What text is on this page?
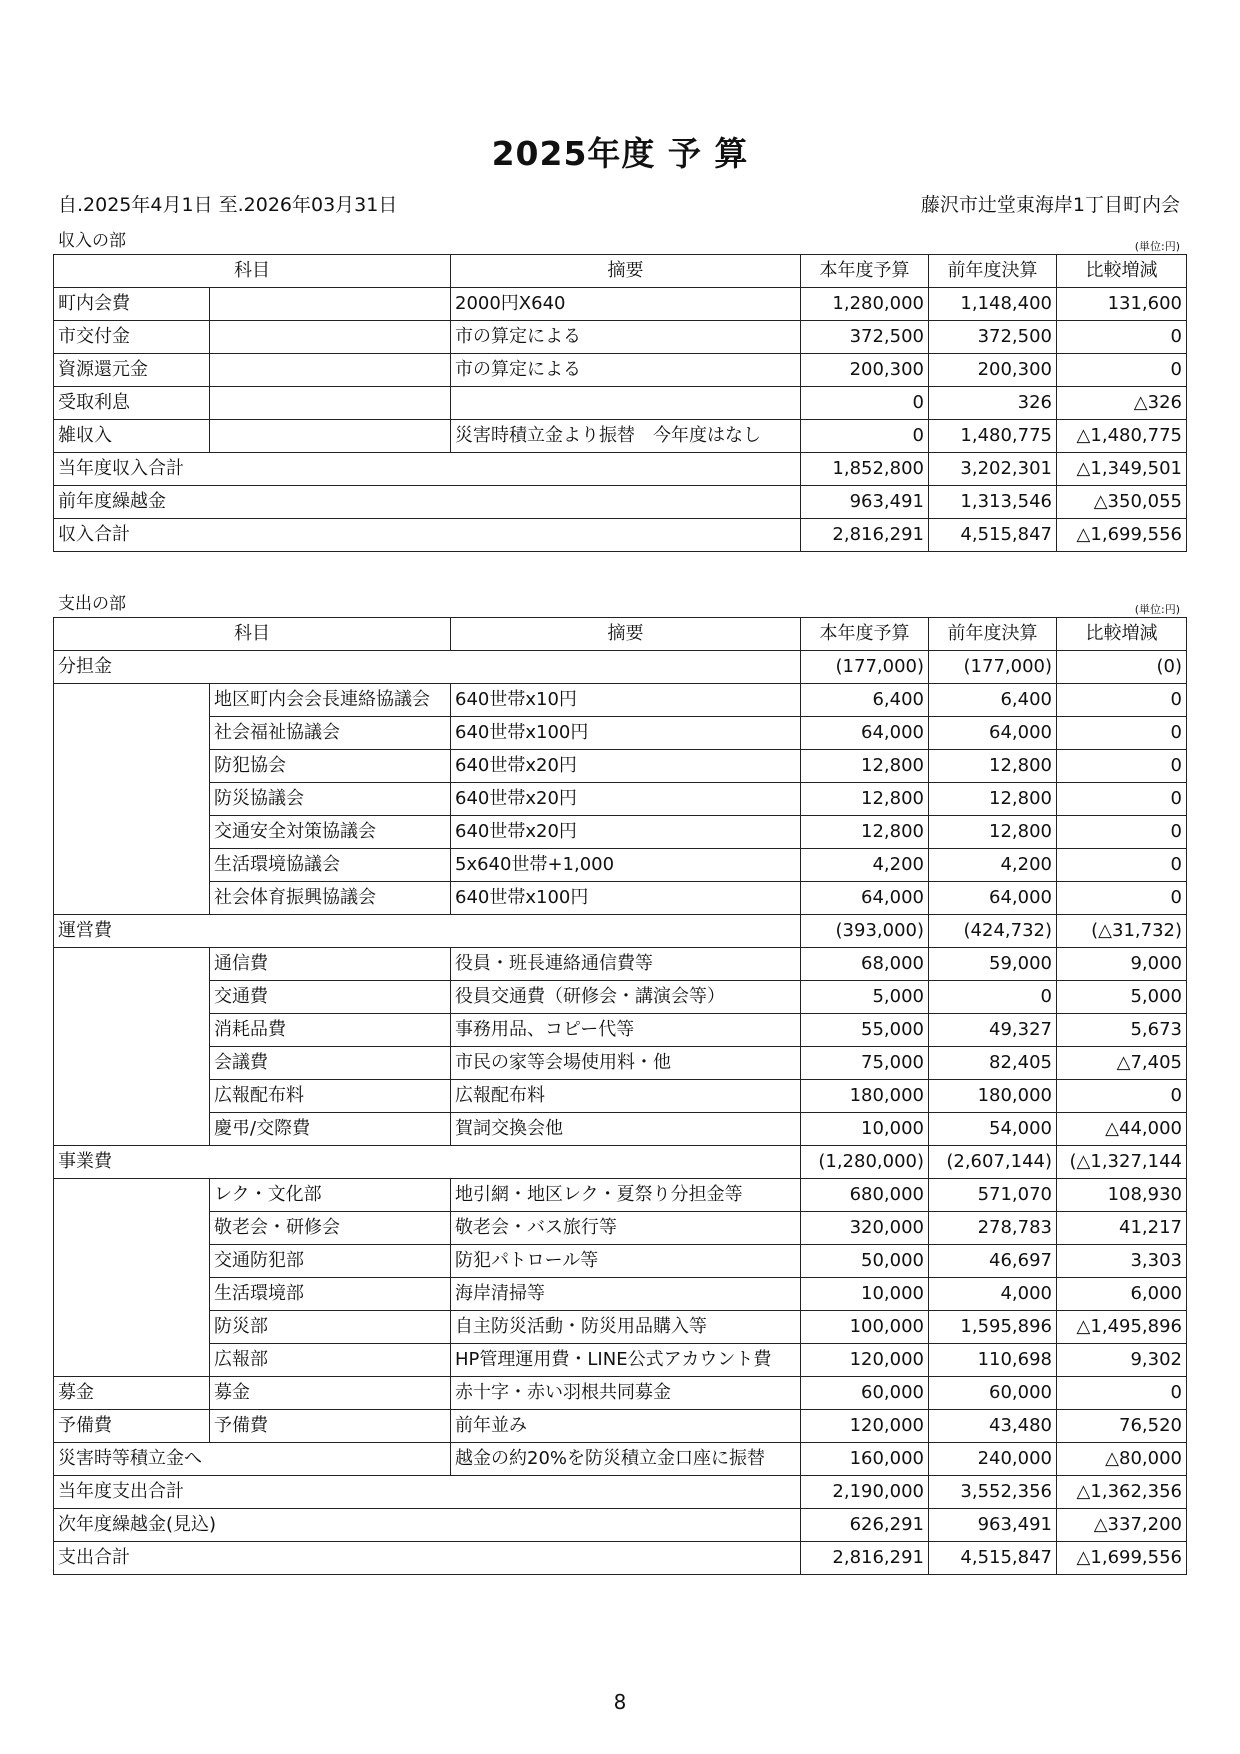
2025年度 予 算
自.2025年4月1日 至.2026年03月31日	藤沢市辻堂東海岸1丁目町内会
収入の部	(単位:円)
科目		摘要	本年度予算	前年度決算	比較増減
町内会費		2000円X640	1,280,000	1,148,400	131,600
市交付金		市の算定による	372,500	372,500	0
資源還元金		市の算定による	200,300	200,300	0
受取利息			0	326	△326
雑収入		災害時積立金より振替　今年度はなし	0	1,480,775	△1,480,775
当年度収入合計			1,852,800	3,202,301	△1,349,501
前年度繰越金			963,491	1,313,546	△350,055
収入合計			2,816,291	4,515,847	△1,699,556
支出の部	(単位:円)
科目		摘要	本年度予算	前年度決算	比較増減
分担金			(177,000)	(177,000)	(0)
	地区町内会会長連絡協議会	640世帯x10円	6,400	6,400	0
	社会福祉協議会	640世帯x100円	64,000	64,000	0
	防犯協会	640世帯x20円	12,800	12,800	0
	防災協議会	640世帯x20円	12,800	12,800	0
	交通安全対策協議会	640世帯x20円	12,800	12,800	0
	生活環境協議会	5x640世帯+1,000	4,200	4,200	0
	社会体育振興協議会	640世帯x100円	64,000	64,000	0
運営費			(393,000)	(424,732)	(△31,732)
	通信費	役員・班長連絡通信費等	68,000	59,000	9,000
	交通費	役員交通費（研修会・講演会等）	5,000	0	5,000
	消耗品費	事務用品、コピー代等	55,000	49,327	5,673
	会議費	市民の家等会場使用料・他	75,000	82,405	△7,405
	広報配布料	広報配布料	180,000	180,000	0
	慶弔/交際費	賀詞交換会他	10,000	54,000	△44,000
事業費			(1,280,000)	(2,607,144)	(△1,327,144
	レク・文化部	地引網・地区レク・夏祭り分担金等	680,000	571,070	108,930
	敬老会・研修会	敬老会・バス旅行等	320,000	278,783	41,217
	交通防犯部	防犯パトロール等	50,000	46,697	3,303
	生活環境部	海岸清掃等	10,000	4,000	6,000
	防災部	自主防災活動・防災用品購入等	100,000	1,595,896	△1,495,896
	広報部	HP管理運用費・LINE公式アカウント費	120,000	110,698	9,302
募金	募金	赤十字・赤い羽根共同募金	60,000	60,000	0
予備費	予備費	前年並み	120,000	43,480	76,520
災害時等積立金へ		越金の約20%を防災積立金口座に振替	160,000	240,000	△80,000
当年度支出合計			2,190,000	3,552,356	△1,362,356
次年度繰越金(見込)			626,291	963,491	△337,200
支出合計			2,816,291	4,515,847	△1,699,556
8
